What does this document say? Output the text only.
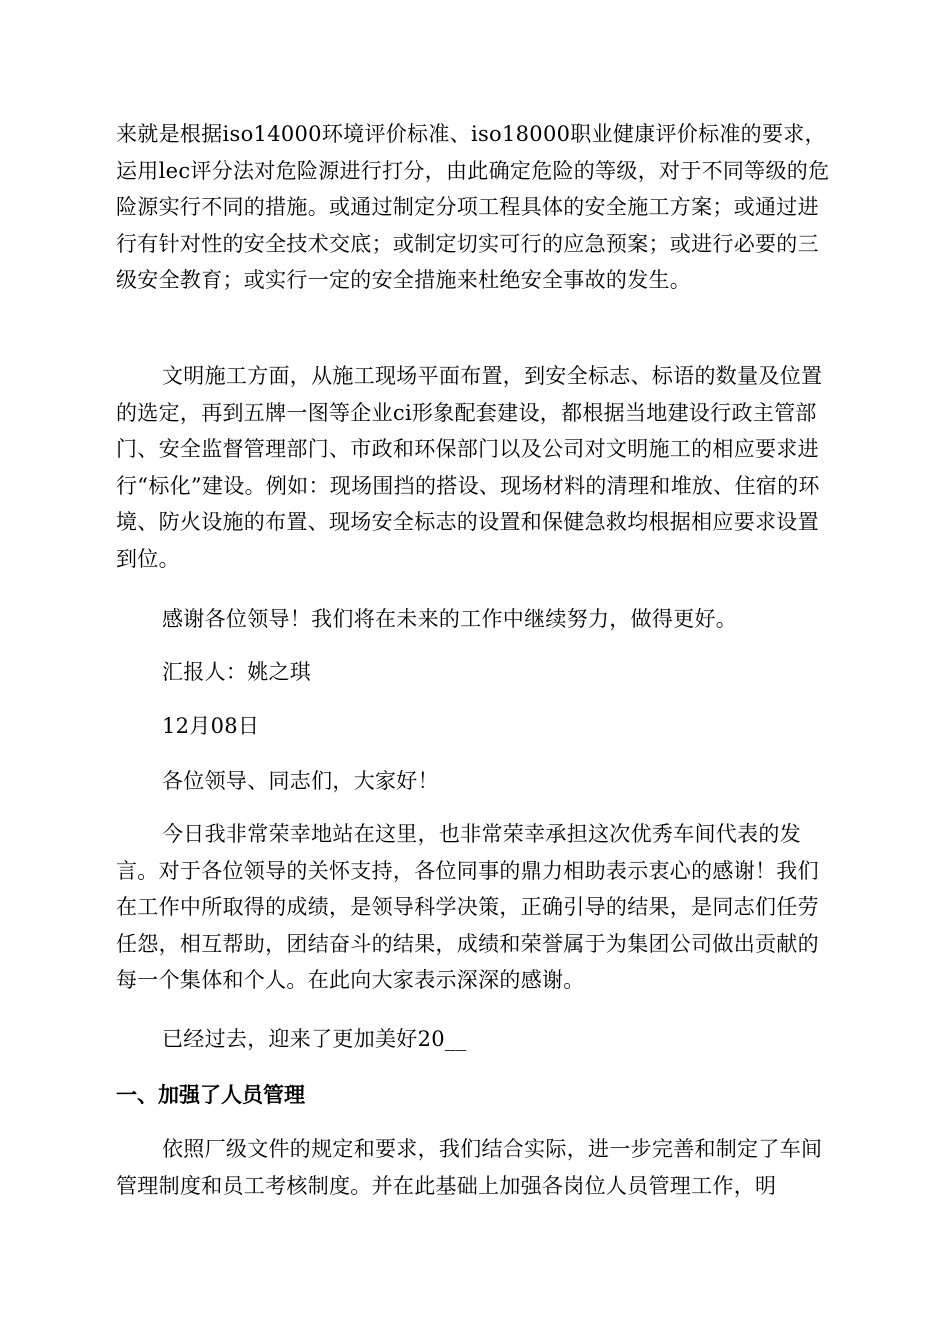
来就是根据iso14000环境评价标准、iso18000职业健康评价标准的要求，运用lec评分法对危险源进行打分，由此确定危险的等级，对于不同等级的危险源实行不同的措施。或通过制定分项工程具体的安全施工方案；或通过进行有针对性的安全技术交底；或制定切实可行的应急预案；或进行必要的三级安全教育；或实行一定的安全措施来杜绝安全事故的发生。

文明施工方面，从施工现场平面布置，到安全标志、标语的数量及位置的选定，再到五牌一图等企业ci形象配套建设，都根据当地建设行政主管部门、安全监督管理部门、市政和环保部门以及公司对文明施工的相应要求进行“标化”建设。例如：现场围挡的搭设、现场材料的清理和堆放、住宿的环境、防火设施的布置、现场安全标志的设置和保健急救均根据相应要求设置到位。

感谢各位领导！我们将在未来的工作中继续努力，做得更好。

汇报人：姚之琪

12月08日

各位领导、同志们，大家好！

今日我非常荣幸地站在这里，也非常荣幸承担这次优秀车间代表的发言。对于各位领导的关怀支持，各位同事的鼎力相助表示衷心的感谢！我们在工作中所取得的成绩，是领导科学决策，正确引导的结果，是同志们任劳任怨，相互帮助，团结奋斗的结果，成绩和荣誉属于为集团公司做出贡献的每一个集体和个人。在此向大家表示深深的感谢。

已经过去，迎来了更加美好20__

一、加强了人员管理

依照厂级文件的规定和要求，我们结合实际，进一步完善和制定了车间管理制度和员工考核制度。并在此基础上加强各岗位人员管理工作，明
